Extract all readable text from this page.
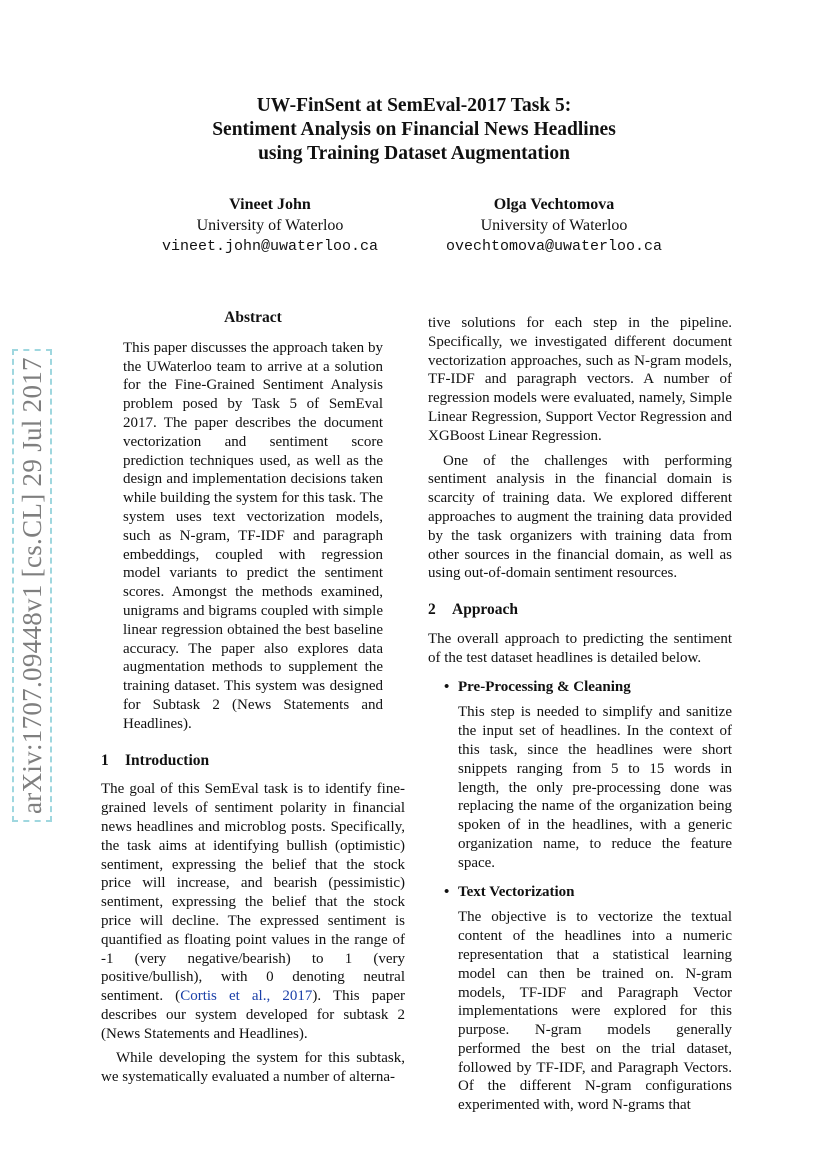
UW-FinSent at SemEval-2017 Task 5:
Sentiment Analysis on Financial News Headlines
using Training Dataset Augmentation
Vineet John
University of Waterloo
vineet.john@uwaterloo.ca
Olga Vechtomova
University of Waterloo
ovechtomova@uwaterloo.ca
arXiv:1707.09448v1 [cs.CL] 29 Jul 2017
Abstract

This paper discusses the approach taken by the UWaterloo team to arrive at a solution for the Fine-Grained Sentiment Analysis problem posed by Task 5 of SemEval 2017. The paper describes the document vectorization and sentiment score prediction techniques used, as well as the design and implementation decisions taken while building the system for this task. The system uses text vectorization models, such as N-gram, TF-IDF and paragraph embeddings, coupled with regression model variants to predict the sentiment scores. Amongst the methods examined, unigrams and bigrams coupled with simple linear regression obtained the best baseline accuracy. The paper also explores data augmentation methods to supplement the training dataset. This system was designed for Subtask 2 (News Statements and Headlines).

1 Introduction

The goal of this SemEval task is to identify fine-grained levels of sentiment polarity in financial news headlines and microblog posts. Specifically, the task aims at identifying bullish (optimistic) sentiment, expressing the belief that the stock price will increase, and bearish (pessimistic) sentiment, expressing the belief that the stock price will decline. The expressed sentiment is quantified as floating point values in the range of -1 (very negative/bearish) to 1 (very positive/bullish), with 0 denoting neutral sentiment. (Cortis et al., 2017). This paper describes our system developed for subtask 2 (News Statements and Headlines).

While developing the system for this subtask, we systematically evaluated a number of alterna-

tive solutions for each step in the pipeline. Specifically, we investigated different document vectorization approaches, such as N-gram models, TF-IDF and paragraph vectors. A number of regression models were evaluated, namely, Simple Linear Regression, Support Vector Regression and XGBoost Linear Regression.

One of the challenges with performing sentiment analysis in the financial domain is scarcity of training data. We explored different approaches to augment the training data provided by the task organizers with training data from other sources in the financial domain, as well as using out-of-domain sentiment resources.

2 Approach

The overall approach to predicting the sentiment of the test dataset headlines is detailed below.

• Pre-Processing & Cleaning

This step is needed to simplify and sanitize the input set of headlines. In the context of this task, since the headlines were short snippets ranging from 5 to 15 words in length, the only pre-processing done was replacing the name of the organization being spoken of in the headlines, with a generic organization name, to reduce the feature space.

• Text Vectorization

The objective is to vectorize the textual content of the headlines into a numeric representation that a statistical learning model can then be trained on. N-gram models, TF-IDF and Paragraph Vector implementations were explored for this purpose. N-gram models generally performed the best on the trial dataset, followed by TF-IDF, and Paragraph Vectors. Of the different N-gram configurations experimented with, word N-grams that
